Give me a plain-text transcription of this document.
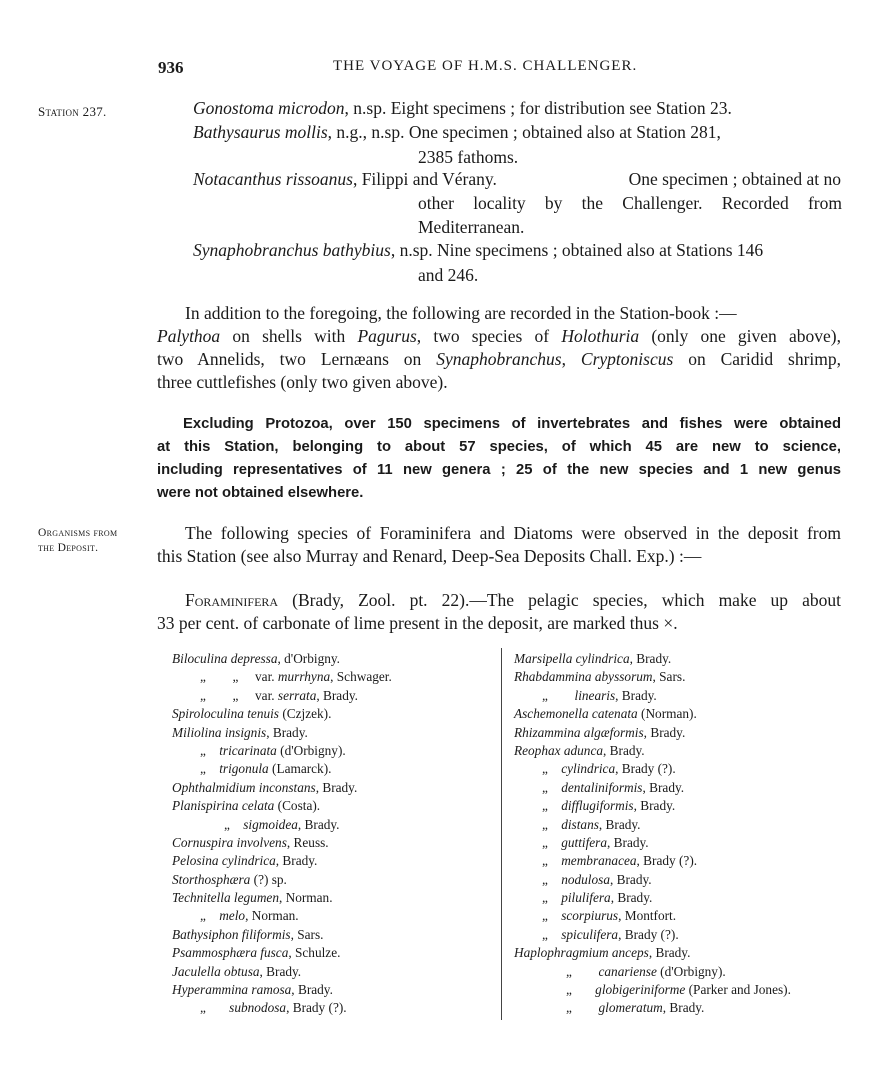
936	THE VOYAGE OF H.M.S. CHALLENGER.
Station 237.
Organisms from
the Deposit.
Gonostoma microdon, n.sp. Eight specimens ; for distribution see Station 23.
Bathysaurus mollis, n.g., n.sp. One specimen ; obtained also at Station 281,
2385 fathoms.
Notacanthus rissoanus, Filippi and Vérany.	One specimen ; obtained at no
other locality by the Challenger. Recorded from
Mediterranean.
Synaphobranchus bathybius, n.sp. Nine specimens ; obtained also at Stations 146
and 246.

In addition to the foregoing, the following are recorded in the Station-book :—

Palythoa on shells with Pagurus, two species of Holothuria (only one given above),

two Annelids, two Lernæans on Synaphobranchus, Cryptoniscus on Caridid shrimp,

three cuttlefishes (only two given above).

Excluding Protozoa, over 150 specimens of invertebrates and fishes were obtained
at this Station, belonging to about 57 species, of which 45 are new to science,
including representatives of 11 new genera ; 25 of the new species and 1 new genus
were not obtained elsewhere.

The following species of Foraminifera and Diatoms were observed in the deposit from

this Station (see also Murray and Renard, Deep-Sea Deposits Chall. Exp.) :—

Foraminifera (Brady, Zool. pt. 22).—The pelagic species, which make up about

33 per cent. of carbonate of lime present in the deposit, are marked thus ×.

Biloculina depressa, d'Orbigny.
„        „     var. murrhyna, Schwager.
„        „     var. serrata, Brady.
Spiroloculina tenuis (Czjzek).
Miliolina insignis, Brady.
„    tricarinata (d'Orbigny).
„    trigonula (Lamarck).
Ophthalmidium inconstans, Brady.
Planispirina celata (Costa).
„    sigmoidea, Brady.
Cornuspira involvens, Reuss.
Pelosina cylindrica, Brady.
Storthosphæra (?) sp.
Technitella legumen, Norman.
„    melo, Norman.
Bathysiphon filiformis, Sars.
Psammosphæra fusca, Schulze.
Jaculella obtusa, Brady.
Hyperammina ramosa, Brady.
„       subnodosa, Brady (?).
Marsipella cylindrica, Brady.
Rhabdammina abyssorum, Sars.
„        linearis, Brady.
Aschemonella catenata (Norman).
Rhizammina algæformis, Brady.
Reophax adunca, Brady.
„    cylindrica, Brady (?).
„    dentaliniformis, Brady.
„    difflugiformis, Brady.
„    distans, Brady.
„    guttifera, Brady.
„    membranacea, Brady (?).
„    nodulosa, Brady.
„    pilulifera, Brady.
„    scorpiurus, Montfort.
„    spiculifera, Brady (?).
Haplophragmium anceps, Brady.
„        canariense (d'Orbigny).
„       globigeriniforme (Parker and Jones).
„        glomeratum, Brady.
